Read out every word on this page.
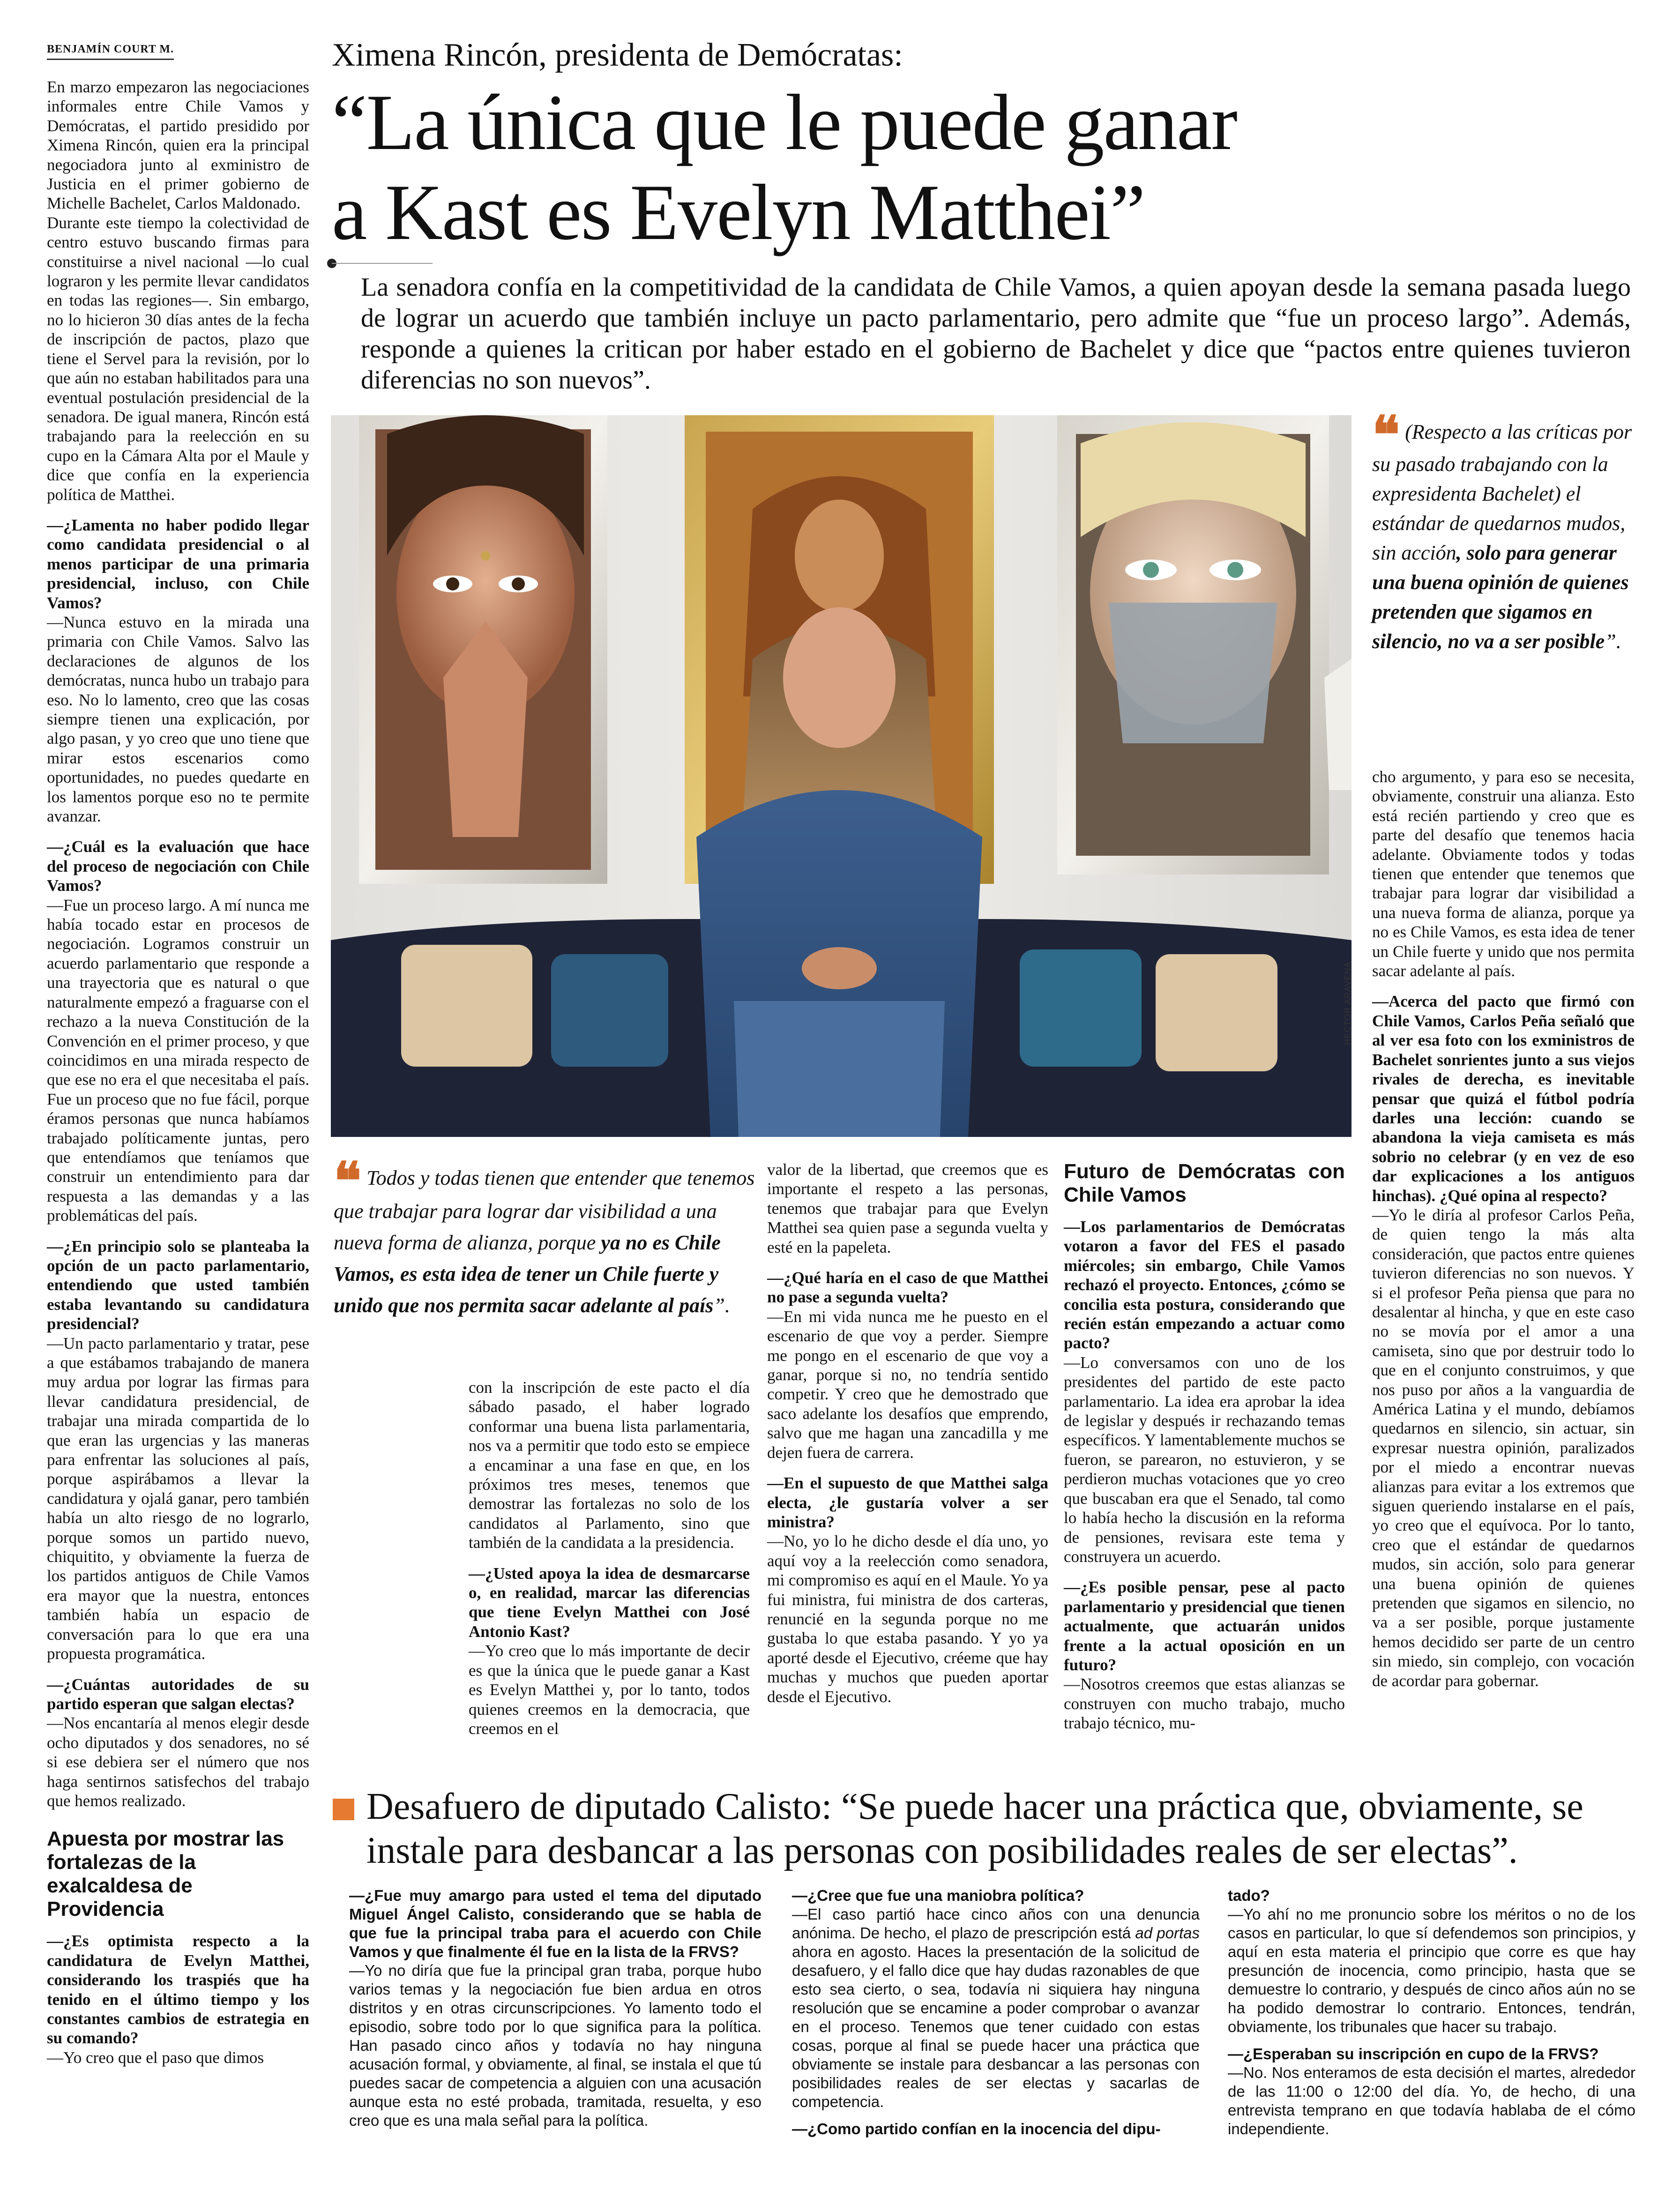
BENJAMÍN COURT M.	Ximena Rincón, presidenta de Demócratas:
“La única que le puede ganar
a Kast es Evelyn Matthei”
La senadora confía en la competitividad de la candidata de Chile Vamos, a quien apoyan desde la semana pasada luego de lograr un acuerdo que también incluye un pacto parlamentario, pero admite que “fue un proceso largo”. Además, responde a quienes la critican por haber estado en el gobierno de Bachelet y dice que “pactos entre quienes tuvieron diferencias no son nuevos”.

En marzo empezaron las negociaciones informales entre Chile Vamos y Demócratas, el partido presidido por Ximena Rincón, quien era la principal negociadora junto al exministro de Justicia en el primer gobierno de Michelle Bachelet, Carlos Maldonado.

Durante este tiempo la colectividad de centro estuvo buscando firmas para constituirse a nivel nacional —lo cual lograron y les permite llevar candidatos en todas las regiones—. Sin embargo, no lo hicieron 30 días antes de la fecha de inscripción de pactos, plazo que tiene el Servel para la revisión, por lo que aún no estaban habilitados para una eventual postulación presidencial de la senadora. De igual manera, Rincón está trabajando para la reelección en su cupo en la Cámara Alta por el Maule y dice que confía en la experiencia política de Matthei.

—¿Lamenta no haber podido llegar como candidata presidencial o al menos participar de una primaria presidencial, incluso, con Chile Vamos?

—Nunca estuvo en la mirada una primaria con Chile Vamos. Salvo las declaraciones de algunos de los demócratas, nunca hubo un trabajo para eso. No lo lamento, creo que las cosas siempre tienen una explicación, por algo pasan, y yo creo que uno tiene que mirar estos escenarios como oportunidades, no puedes quedarte en los lamentos porque eso no te permite avanzar.

—¿Cuál es la evaluación que hace del proceso de negociación con Chile Vamos?

—Fue un proceso largo. A mí nunca me había tocado estar en procesos de negociación. Logramos construir un acuerdo parlamentario que responde a una trayectoria que es natural o que naturalmente empezó a fraguarse con el rechazo a la nueva Constitución de la Convención en el primer proceso, y que coincidimos en una mirada respecto de que ese no era el que necesitaba el país. Fue un proceso que no fue fácil, porque éramos personas que nunca habíamos trabajado políticamente juntas, pero que entendíamos que teníamos que construir un entendimiento para dar respuesta a las demandas y a las problemáticas del país.

—¿En principio solo se planteaba la opción de un pacto parlamentario, entendiendo que usted también estaba levantando su candidatura presidencial?

—Un pacto parlamentario y tratar, pese a que estábamos trabajando de manera muy ardua por lograr las firmas para llevar candidatura presidencial, de trabajar una mirada compartida de lo que eran las urgencias y las maneras para enfrentar las soluciones al país, porque aspirábamos a llevar la candidatura y ojalá ganar, pero también había un alto riesgo de no lograrlo, porque somos un partido nuevo, chiquitito, y obviamente la fuerza de los partidos antiguos de Chile Vamos era mayor que la nuestra, entonces también había un espacio de conversación para lo que era una propuesta programática.

—¿Cuántas autoridades de su partido esperan que salgan electas?

—Nos encantaría al menos elegir desde ocho diputados y dos senadores, no sé si ese debiera ser el número que nos haga sentirnos satisfechos del trabajo que hemos realizado.

Apuesta por mostrar las fortalezas de la exalcaldesa de Providencia

—¿Es optimista respecto a la candidatura de Evelyn Matthei, considerando los traspiés que ha tenido en el último tiempo y los constantes cambios de estrategia en su comando?

—Yo creo que el paso que dimos

HÉCTOR ARAVENA
❝ (Respecto a las críticas por su pasado trabajando con la expresidenta Bachelet) el estándar de quedarnos mudos, sin acción, solo para generar una buena opinión de quienes pretenden que sigamos en silencio, no va a ser posible”.

cho argumento, y para eso se necesita, obviamente, construir una alianza. Esto está recién partiendo y creo que es parte del desafío que tenemos hacia adelante. Obviamente todos y todas tienen que entender que tenemos que trabajar para lograr dar visibilidad a una nueva forma de alianza, porque ya no es Chile Vamos, es esta idea de tener un Chile fuerte y unido que nos permita sacar adelante al país.

—Acerca del pacto que firmó con Chile Vamos, Carlos Peña señaló que al ver esa foto con los exministros de Bachelet sonrientes junto a sus viejos rivales de derecha, es inevitable pensar que quizá el fútbol podría darles una lección: cuando se abandona la vieja camiseta es más sobrio no celebrar (y en vez de eso dar explicaciones a los antiguos hinchas). ¿Qué opina al respecto?

—Yo le diría al profesor Carlos Peña, de quien tengo la más alta consideración, que pactos entre quienes tuvieron diferencias no son nuevos. Y si el profesor Peña piensa que para no desalentar al hincha, y que en este caso no se movía por el amor a una camiseta, sino que por destruir todo lo que en el conjunto construimos, y que nos puso por años a la vanguardia de América Latina y el mundo, debíamos quedarnos en silencio, sin actuar, sin expresar nuestra opinión, paralizados por el miedo a encontrar nuevas alianzas para evitar a los extremos que siguen queriendo instalarse en el país, yo creo que el equívoca. Por lo tanto, creo que el estándar de quedarnos mudos, sin acción, solo para generar una buena opinión de quienes pretenden que sigamos en silencio, no va a ser posible, porque justamente hemos decidido ser parte de un centro sin miedo, sin complejo, con vocación de acordar para gobernar.

❝ Todos y todas tienen que entender que tenemos que trabajar para lograr dar visibilidad a una nueva forma de alianza, porque ya no es Chile Vamos, es esta idea de tener un Chile fuerte y unido que nos permita sacar adelante al país”.

con la inscripción de este pacto el día sábado pasado, el haber logrado conformar una buena lista parlamentaria, nos va a permitir que todo esto se empiece a encaminar a una fase en que, en los próximos tres meses, tenemos que demostrar las fortalezas no solo de los candidatos al Parlamento, sino que también de la candidata a la presidencia.

—¿Usted apoya la idea de desmarcarse o, en realidad, marcar las diferencias que tiene Evelyn Matthei con José Antonio Kast?

—Yo creo que lo más importante de decir es que la única que le puede ganar a Kast es Evelyn Matthei y, por lo tanto, todos quienes creemos en la democracia, que creemos en el

valor de la libertad, que creemos que es importante el respeto a las personas, tenemos que trabajar para que Evelyn Matthei sea quien pase a segunda vuelta y esté en la papeleta.

—¿Qué haría en el caso de que Matthei no pase a segunda vuelta?

—En mi vida nunca me he puesto en el escenario de que voy a perder. Siempre me pongo en el escenario de que voy a ganar, porque si no, no tendría sentido competir. Y creo que he demostrado que saco adelante los desafíos que emprendo, salvo que me hagan una zancadilla y me dejen fuera de carrera.

—En el supuesto de que Matthei salga electa, ¿le gustaría volver a ser ministra?

—No, yo lo he dicho desde el día uno, yo aquí voy a la reelección como senadora, mi compromiso es aquí en el Maule. Yo ya fui ministra, fui ministra de dos carteras, renuncié en la segunda porque no me gustaba lo que estaba pasando. Y yo ya aporté desde el Ejecutivo, créeme que hay muchas y muchos que pueden aportar desde el Ejecutivo.

Futuro de Demócratas con Chile Vamos

—Los parlamentarios de Demócratas votaron a favor del FES el pasado miércoles; sin embargo, Chile Vamos rechazó el proyecto. Entonces, ¿cómo se concilia esta postura, considerando que recién están empezando a actuar como pacto?

—Lo conversamos con uno de los presidentes del partido de este pacto parlamentario. La idea era aprobar la idea de legislar y después ir rechazando temas específicos. Y lamentablemente muchos se fueron, se parearon, no estuvieron, y se perdieron muchas votaciones que yo creo que buscaban era que el Senado, tal como lo había hecho la discusión en la reforma de pensiones, revisara este tema y construyera un acuerdo.

—¿Es posible pensar, pese al pacto parlamentario y presidencial que tienen actualmente, que actuarán unidos frente a la actual oposición en un futuro?

—Nosotros creemos que estas alianzas se construyen con mucho trabajo, mucho trabajo técnico, mu-

Desafuero de diputado Calisto: “Se puede hacer una práctica que, obviamente, se instale para desbancar a las personas con posibilidades reales de ser electas”.

—¿Fue muy amargo para usted el tema del diputado Miguel Ángel Calisto, considerando que se habla de que fue la principal traba para el acuerdo con Chile Vamos y que finalmente él fue en la lista de la FRVS?

—Yo no diría que fue la principal gran traba, porque hubo varios temas y la negociación fue bien ardua en otros distritos y en otras circunscripciones. Yo lamento todo el episodio, sobre todo por lo que significa para la política. Han pasado cinco años y todavía no hay ninguna acusación formal, y obviamente, al final, se instala el que tú puedes sacar de competencia a alguien con una acusación aunque esta no esté probada, tramitada, resuelta, y eso creo que es una mala señal para la política.

—¿Cree que fue una maniobra política?

—El caso partió hace cinco años con una denuncia anónima. De hecho, el plazo de prescripción está ad portas ahora en agosto. Haces la presentación de la solicitud de desafuero, y el fallo dice que hay dudas razonables de que esto sea cierto, o sea, todavía ni siquiera hay ninguna resolución que se encamine a poder comprobar o avanzar en el proceso. Tenemos que tener cuidado con estas cosas, porque al final se puede hacer una práctica que obviamente se instale para desbancar a las personas con posibilidades reales de ser electas y sacarlas de competencia.

—¿Como partido confían en la inocencia del dipu-

tado?

—Yo ahí no me pronuncio sobre los méritos o no de los casos en particular, lo que sí defendemos son principios, y aquí en esta materia el principio que corre es que hay presunción de inocencia, como principio, hasta que se demuestre lo contrario, y después de cinco años aún no se ha podido demostrar lo contrario. Entonces, tendrán, obviamente, los tribunales que hacer su trabajo.

—¿Esperaban su inscripción en cupo de la FRVS?

—No. Nos enteramos de esta decisión el martes, alrededor de las 11:00 o 12:00 del día. Yo, de hecho, di una entrevista temprano en que todavía hablaba de el cómo independiente.
